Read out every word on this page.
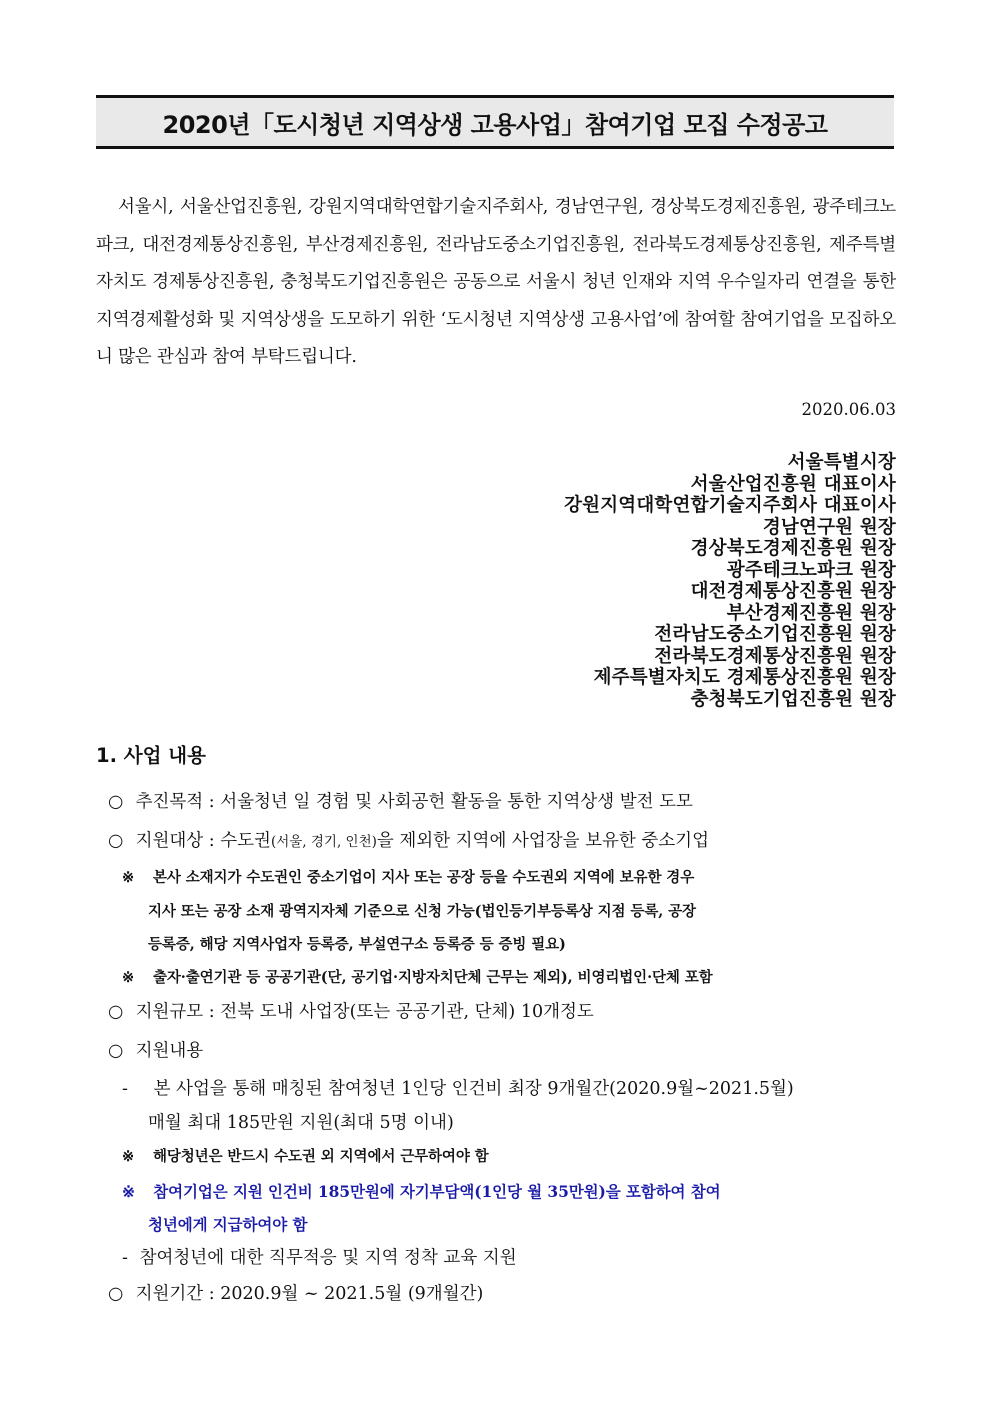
2020년「도시청년 지역상생 고용사업」참여기업 모집 수정공고

서울시, 서울산업진흥원, 강원지역대학연합기술지주회사, 경남연구원, 경상북도경제진흥원, 광주테크노파크, 대전경제통상진흥원, 부산경제진흥원, 전라남도중소기업진흥원, 전라북도경제통상진흥원, 제주특별자치도 경제통상진흥원, 충청북도기업진흥원은 공동으로 서울시 청년 인재와 지역 우수일자리 연결을 통한 지역경제활성화 및 지역상생을 도모하기 위한 ‘도시청년 지역상생 고용사업’에 참여할 참여기업을 모집하오니 많은 관심과 참여 부탁드립니다.

2020.06.03
서울특별시장
서울산업진흥원 대표이사
강원지역대학연합기술지주회사 대표이사
경남연구원 원장
경상북도경제진흥원 원장
광주테크노파크 원장
대전경제통상진흥원 원장
부산경제진흥원 원장
전라남도중소기업진흥원 원장
전라북도경제통상진흥원 원장
제주특별자치도 경제통상진흥원 원장
충청북도기업진흥원 원장
1. 사업 내용
○ 추진목적 : 서울청년 일 경험 및 사회공헌 활동을 통한 지역상생 발전 도모
○ 지원대상 : 수도권(서울, 경기, 인천)을 제외한 지역에 사업장을 보유한 중소기업
※ 본사 소재지가 수도권인 중소기업이 지사 또는 공장 등을 수도권외 지역에 보유한 경우
지사 또는 공장 소재 광역지자체 기준으로 신청 가능(법인등기부등록상 지점 등록, 공장
등록증, 해당 지역사업자 등록증, 부설연구소 등록증 등 증빙 필요)
※ 출자·출연기관 등 공공기관(단, 공기업·지방자치단체 근무는 제외), 비영리법인·단체 포함
○ 지원규모 : 전북 도내 사업장(또는 공공기관, 단체) 10개정도
○ 지원내용
- 본 사업을 통해 매칭된 참여청년 1인당 인건비 최장 9개월간(2020.9월~2021.5월)
매월 최대 185만원 지원(최대 5명 이내)
※ 해당청년은 반드시 수도권 외 지역에서 근무하여야 함
※ 참여기업은 지원 인건비 185만원에 자기부담액(1인당 월 35만원)을 포함하여 참여
청년에게 지급하여야 함
- 참여청년에 대한 직무적응 및 지역 정착 교육 지원
○ 지원기간 : 2020.9월 ~ 2021.5월 (9개월간)
